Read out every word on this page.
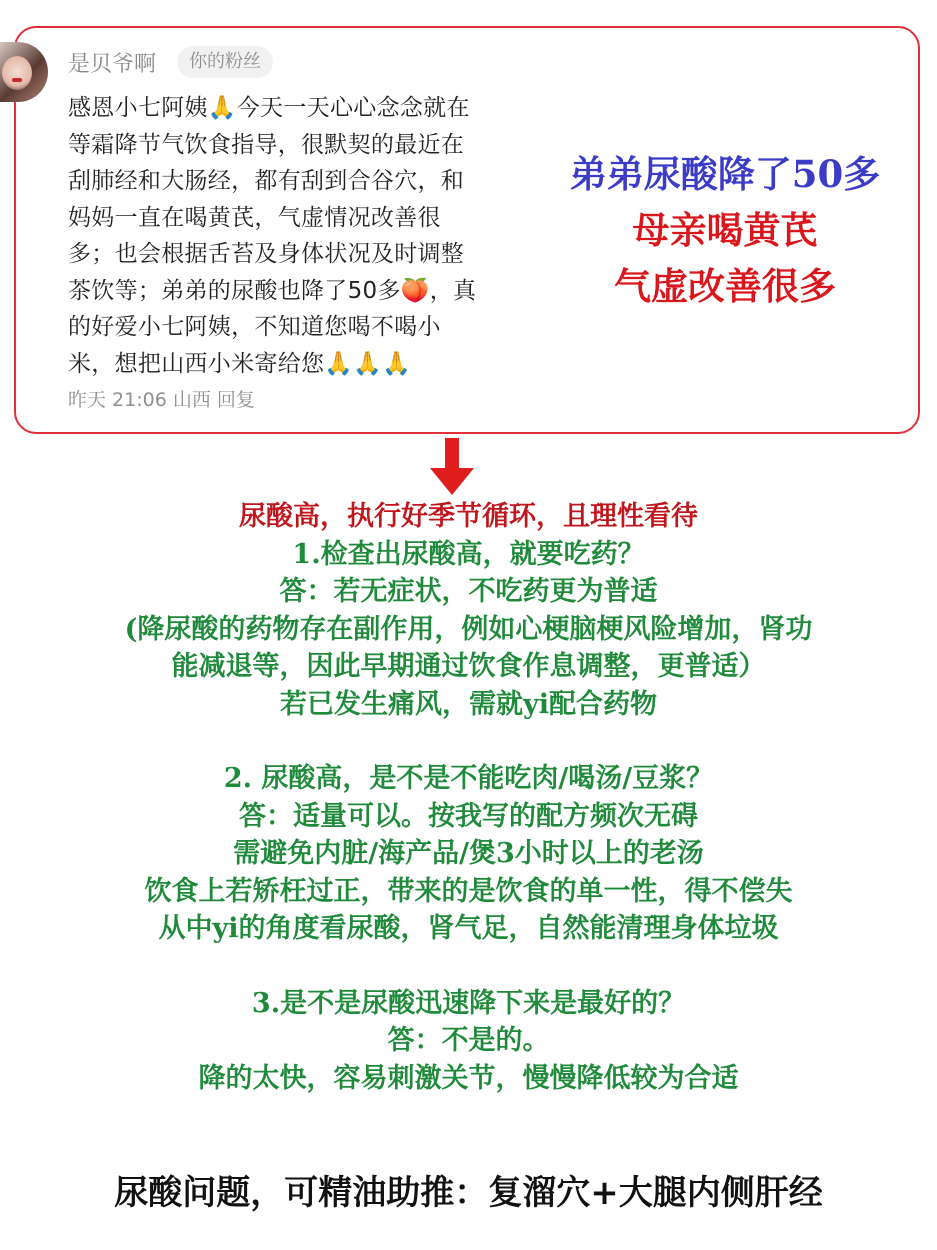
是贝爷啊	你的粉丝
感恩小七阿姨🙏今天一天心心念念就在
等霜降节气饮食指导，很默契的最近在
刮肺经和大肠经，都有刮到合谷穴，和
妈妈一直在喝黄芪，气虚情况改善很
多；也会根据舌苔及身体状况及时调整
茶饮等；弟弟的尿酸也降了50多🍑，真
的好爱小七阿姨，不知道您喝不喝小
米，想把山西小米寄给您🙏🙏🙏
昨天 21:06 山西 回复
弟弟尿酸降了50多
母亲喝黄芪
气虚改善很多
尿酸高，执行好季节循环，且理性看待
1.检查出尿酸高，就要吃药？
答：若无症状，不吃药更为普适
(降尿酸的药物存在副作用，例如心梗脑梗风险增加，肾功
能减退等，因此早期通过饮食作息调整，更普适）
若已发生痛风，需就yi配合药物
2. 尿酸高，是不是不能吃肉/喝汤/豆浆？
答：适量可以。按我写的配方频次无碍
需避免内脏/海产品/煲3小时以上的老汤
饮食上若矫枉过正，带来的是饮食的单一性，得不偿失
从中yi的角度看尿酸，肾气足，自然能清理身体垃圾
3.是不是尿酸迅速降下来是最好的？
答：不是的。
降的太快，容易刺激关节，慢慢降低较为合适
尿酸问题，可精油助推：复溜穴+大腿内侧肝经
